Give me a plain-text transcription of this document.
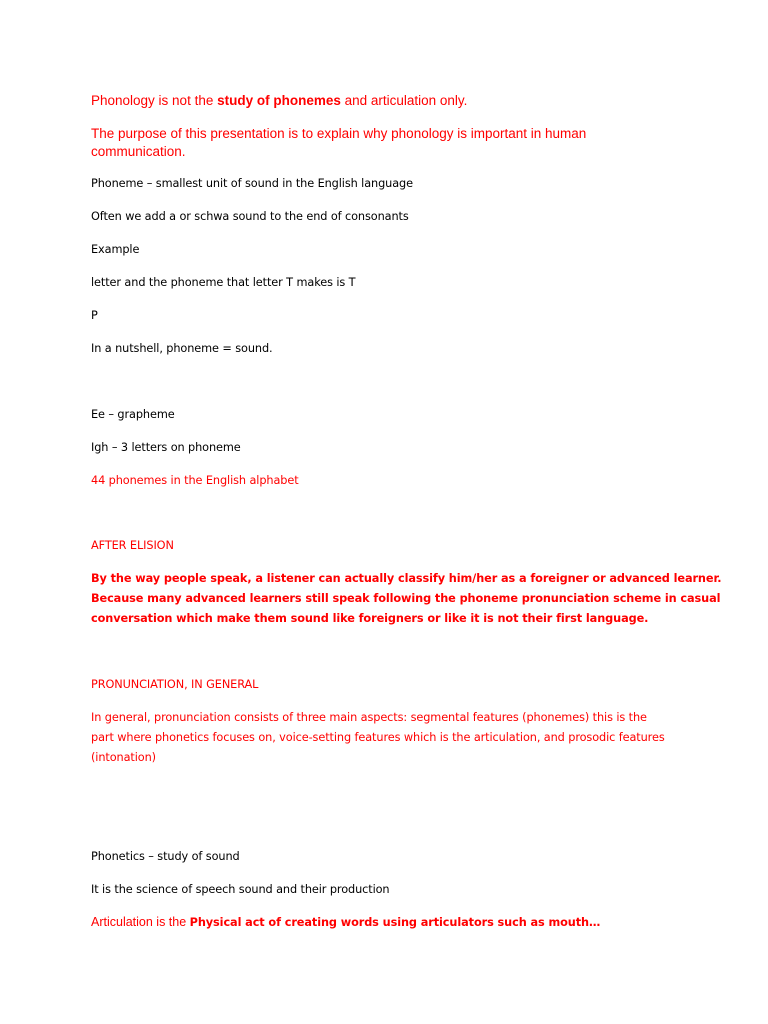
Phonology is not the study of phonemes and articulation only.

The purpose of this presentation is to explain why phonology is important in human

communication.

Phoneme – smallest unit of sound in the English language

Often we add a or schwa sound to the end of consonants

Example

letter and the phoneme that letter T makes is T

P

In a nutshell, phoneme = sound.

Ee – grapheme

Igh – 3 letters on phoneme

44 phonemes in the English alphabet

AFTER ELISION

By the way people speak, a listener can actually classify him/her as a foreigner or advanced learner.

Because many advanced learners still speak following the phoneme pronunciation scheme in casual

conversation which make them sound like foreigners or like it is not their first language.

PRONUNCIATION, IN GENERAL

In general, pronunciation consists of three main aspects: segmental features (phonemes) this is the

part where phonetics focuses on, voice-setting features which is the articulation, and prosodic features

(intonation)

Phonetics – study of sound

It is the science of speech sound and their production

Articulation is the Physical act of creating words using articulators such as mouth…
